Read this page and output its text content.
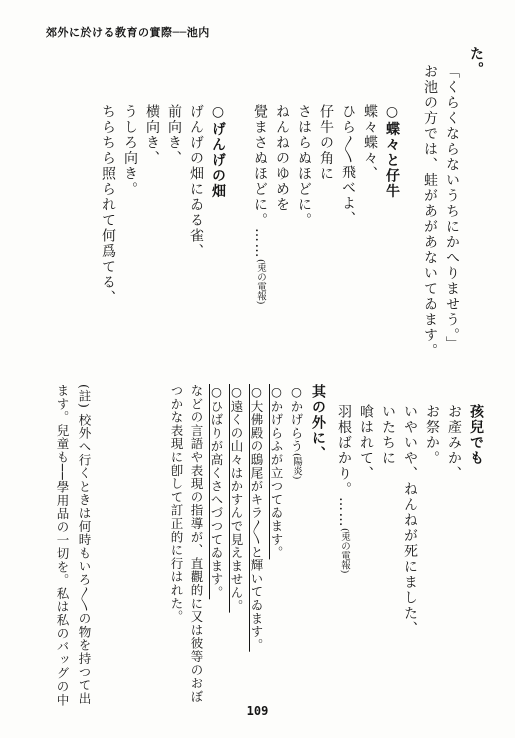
郊外に於ける教育の實際──池内
た。
「くらくならないうちにかへりませう。」
お池の方では、蛙があがあないてゐます。
○蝶々と仔牛
蝶々蝶々、
ひら〳〵飛べよ、
仔牛の角に
さはらぬほどに。
ねんねのゆめを
覺まさぬほどに。……(兎の電報)
○げんげの畑
げんげの畑にゐる雀、
前向き、
横向き、
うしろ向き。
ちらちら照られて何爲てる、
孩兒でも
お產みか、
お祭か。
いやいや、ねんねが死にました、
いたちに
喰はれて、
羽根ばかり。……(兎の電報)
其の外に、
○かげらう(陽炎)
○かげらふが立つてゐます。
○大佛殿の鴟尾がキラ〳〵と輝いてゐます。
○遠くの山々はかすんで見えません。
○ひばりが高くさへづつてゐます。
などの言語や表現の指導が、直觀的に又は彼等のおぼ
つかな表現に卽して訂正的に行はれた。
(註) 校外へ行くときは何時もいろ〳〵の物を持つて出
ます。兒童も──學用品の一切を。私は私のバッグの中
109
